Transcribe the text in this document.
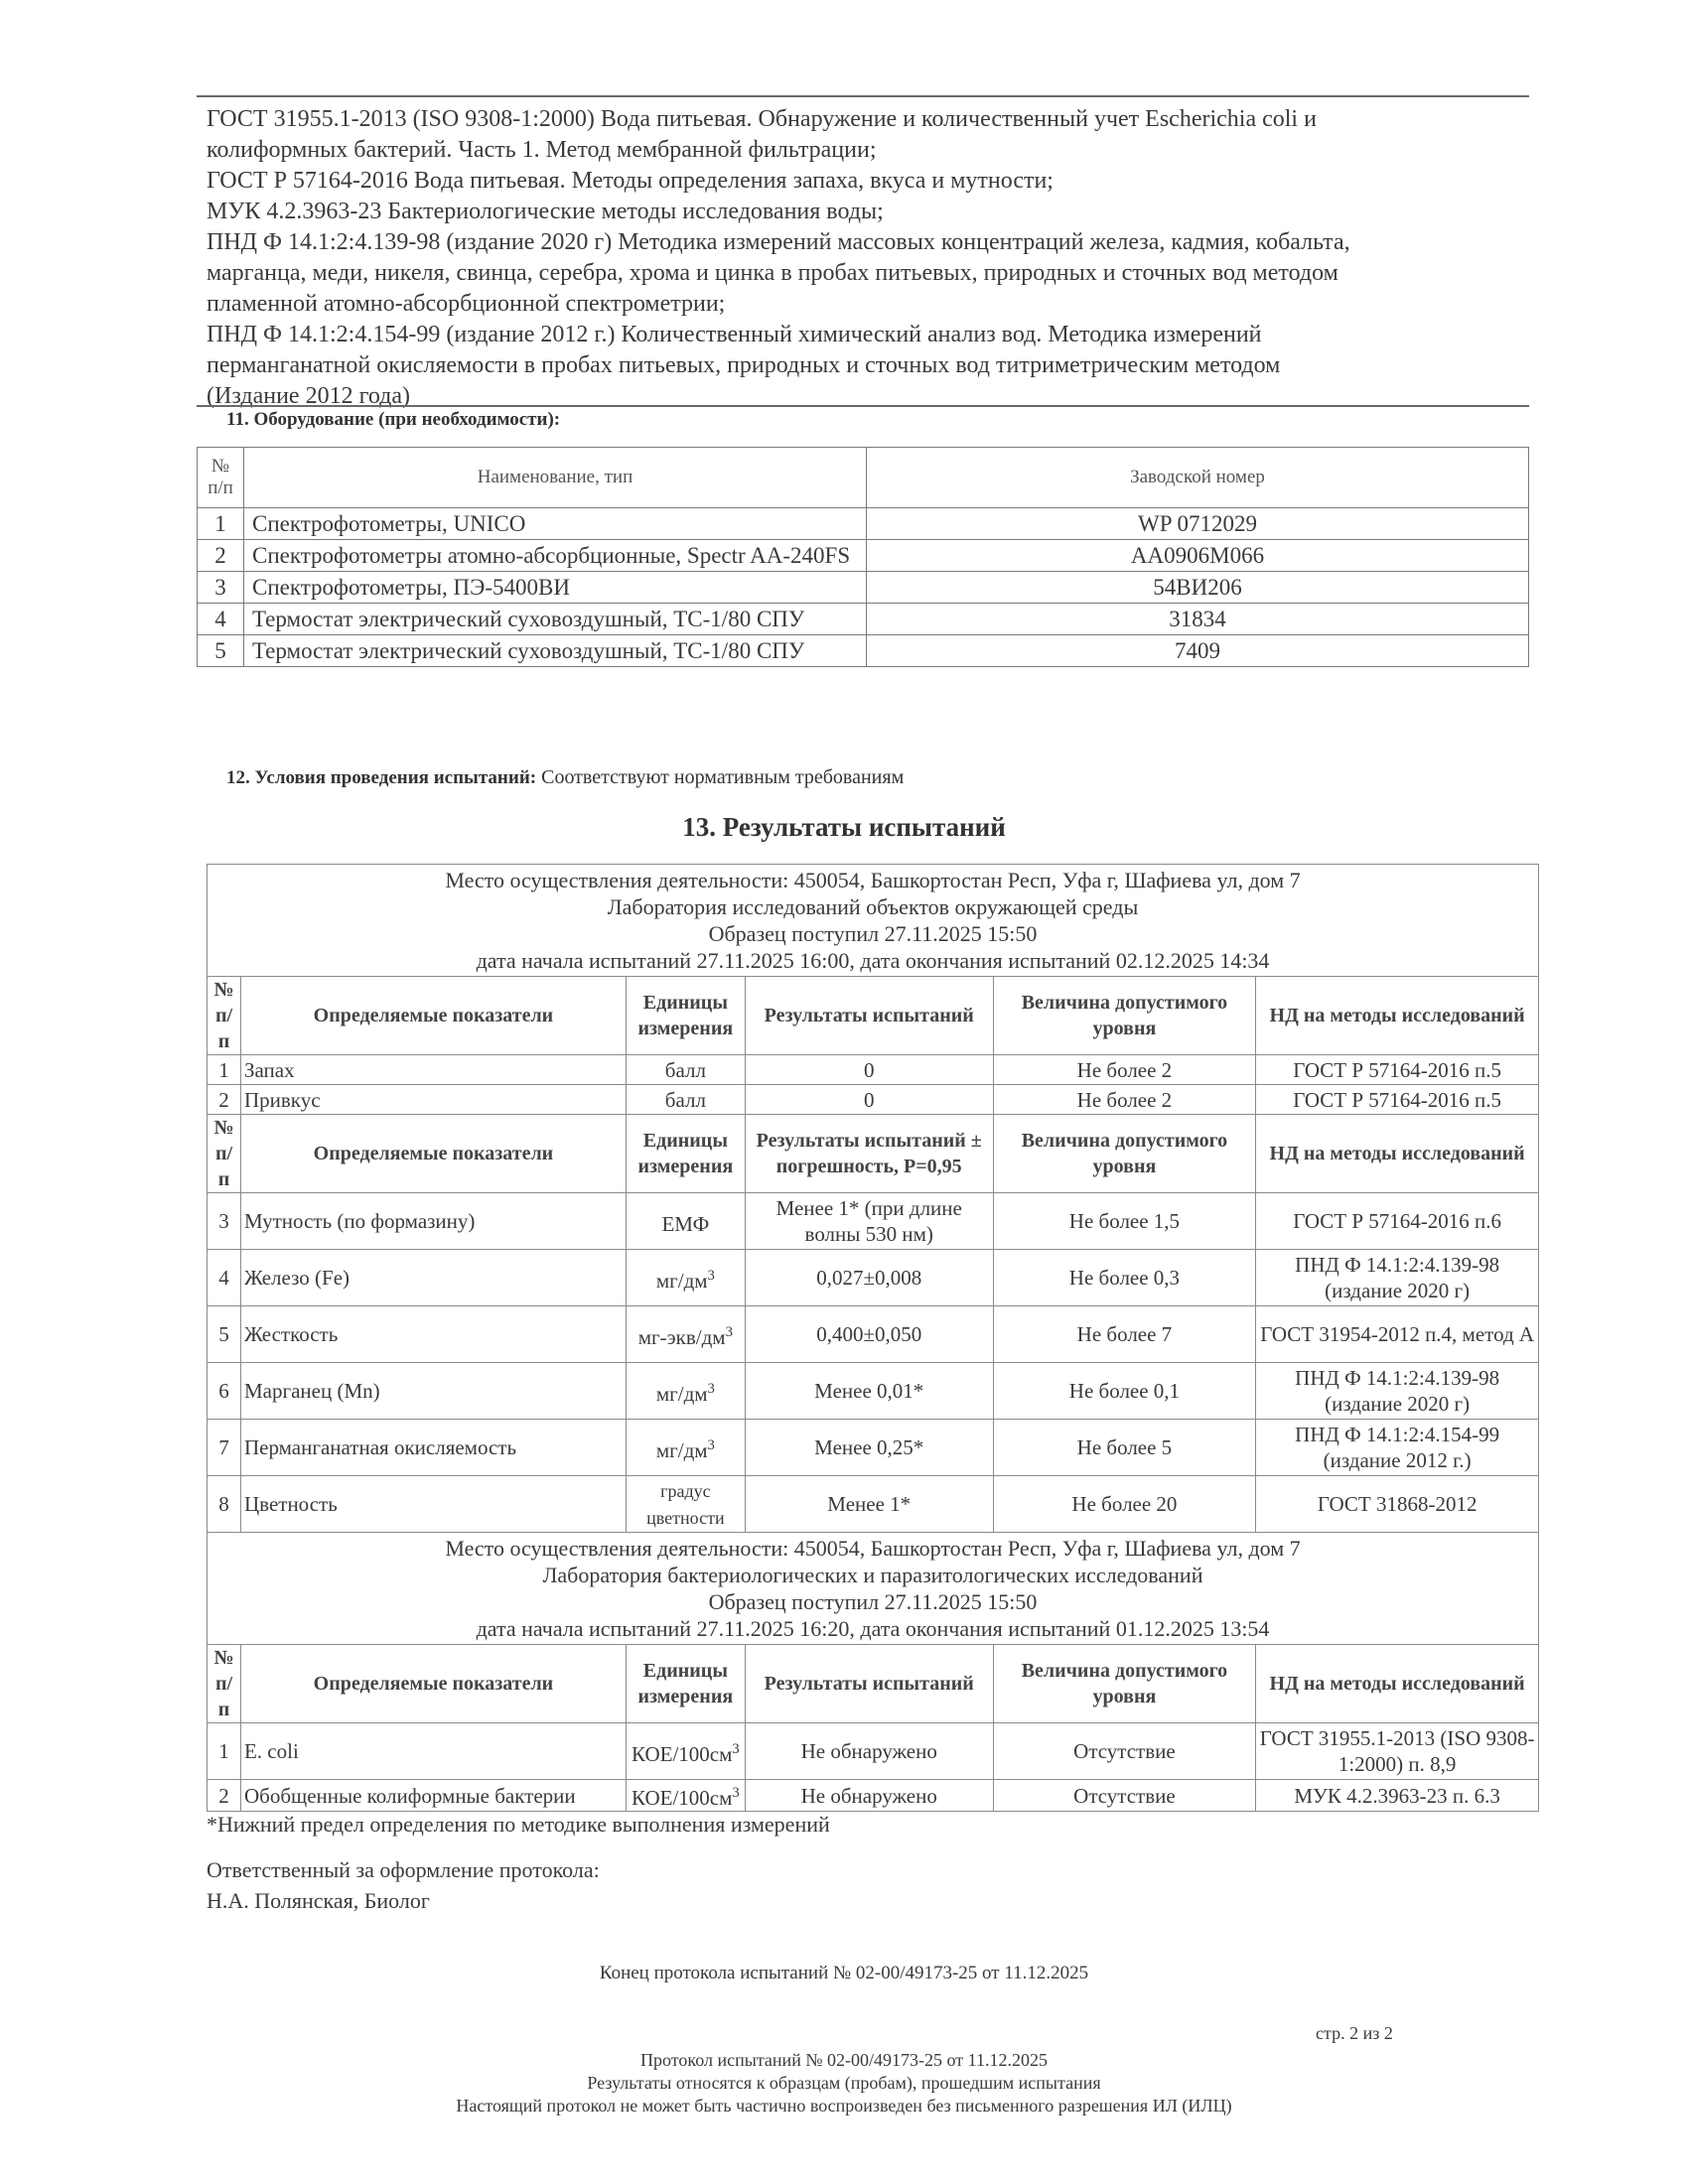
ГОСТ 31955.1-2013 (ISO 9308-1:2000) Вода питьевая. Обнаружение и количественный учет Escherichia coli и
колиформных бактерий. Часть 1. Метод мембранной фильтрации;
ГОСТ Р 57164-2016 Вода питьевая. Методы определения запаха, вкуса и мутности;
МУК 4.2.3963-23 Бактериологические методы исследования воды;
ПНД Ф 14.1:2:4.139-98 (издание 2020 г) Методика измерений массовых концентраций железа, кадмия, кобальта,
марганца, меди, никеля, свинца, серебра, хрома и цинка в пробах питьевых, природных и сточных вод методом
пламенной атомно-абсорбционной спектрометрии;
ПНД Ф 14.1:2:4.154-99 (издание 2012 г.) Количественный химический анализ вод. Методика измерений
перманганатной окисляемости в пробах питьевых, природных и сточных вод титриметрическим методом
(Издание 2012 года)
11. Оборудование (при необходимости):
№
п/п	Наименование, тип	Заводской номер
1	Спектрофотометры, UNICO	WP 0712029
2	Спектрофотометры атомно-абсорбционные, Spectr AA-240FS	AA0906M066
3	Спектрофотометры, ПЭ-5400ВИ	54ВИ206
4	Термостат электрический суховоздушный, ТС-1/80 СПУ	31834
5	Термостат электрический суховоздушный, ТС-1/80 СПУ	7409
12. Условия проведения испытаний: Соответствуют нормативным требованиям
13. Результаты испытаний
Место осуществления деятельности: 450054, Башкортостан Респ, Уфа г, Шафиева ул, дом 7
Лаборатория исследований объектов окружающей среды
Образец поступил 27.11.2025 15:50
дата начала испытаний 27.11.2025 16:00, дата окончания испытаний 02.12.2025 14:34					

№ п/п	Определяемые показатели	Единицы измерения	Результаты испытаний	Величина допустимого уровня	НД на методы исследований
1	Запах	балл	0	Не более 2	ГОСТ Р 57164-2016 п.5
2	Привкус	балл	0	Не более 2	ГОСТ Р 57164-2016 п.5
№ п/п	Определяемые показатели	Единицы измерения	Результаты испытаний ± погрешность, Р=0,95	Величина допустимого уровня	НД на методы исследований
3	Мутность (по формазину)	ЕМФ	Менее 1* (при длине волны 530 нм)	Не более 1,5	ГОСТ Р 57164-2016 п.6
4	Железо (Fe)	$мг/дм^3$	0,027±0,008	Не более 0,3	ПНД Ф 14.1:2:4.139-98 (издание 2020 г)
5	Жесткость	$мг-экв/дм^3$	0,400±0,050	Не более 7	ГОСТ 31954-2012 п.4, метод А
6	Марганец (Mn)	$мг/дм^3$	Менее 0,01*	Не более 0,1	ПНД Ф 14.1:2:4.139-98 (издание 2020 г)
7	Перманганатная окисляемость	$мг/дм^3$	Менее 0,25*	Не более 5	ПНД Ф 14.1:2:4.154-99 (издание 2012 г.)
8	Цветность	градус цветности	Менее 1*	Не более 20	ГОСТ 31868-2012

Место осуществления деятельности: 450054, Башкортостан Респ, Уфа г, Шафиева ул, дом 7
Лаборатория бактериологических и паразитологических исследований
Образец поступил 27.11.2025 15:50
дата начала испытаний 27.11.2025 16:20, дата окончания испытаний 01.12.2025 13:54					

№ п/п	Определяемые показатели	Единицы измерения	Результаты испытаний	Величина допустимого уровня	НД на методы исследований
1	E. coli	КОЕ/$100см^3$	Не обнаружено	Отсутствие	ГОСТ 31955.1-2013 (ISO 9308-1:2000) п. 8,9
2	Обобщенные колиформные бактерии	КОЕ/$100см^3$	Не обнаружено	Отсутствие	МУК 4.2.3963-23 п. 6.3
*Нижний предел определения по методике выполнения измерений
Ответственный за оформление протокола:
Н.А. Полянская, Биолог
Конец протокола испытаний № 02-00/49173-25 от 11.12.2025
стр. 2 из 2
Протокол испытаний № 02-00/49173-25 от 11.12.2025
Результаты относятся к образцам (пробам), прошедшим испытания
Настоящий протокол не может быть частично воспроизведен без письменного разрешения ИЛ (ИЛЦ)
